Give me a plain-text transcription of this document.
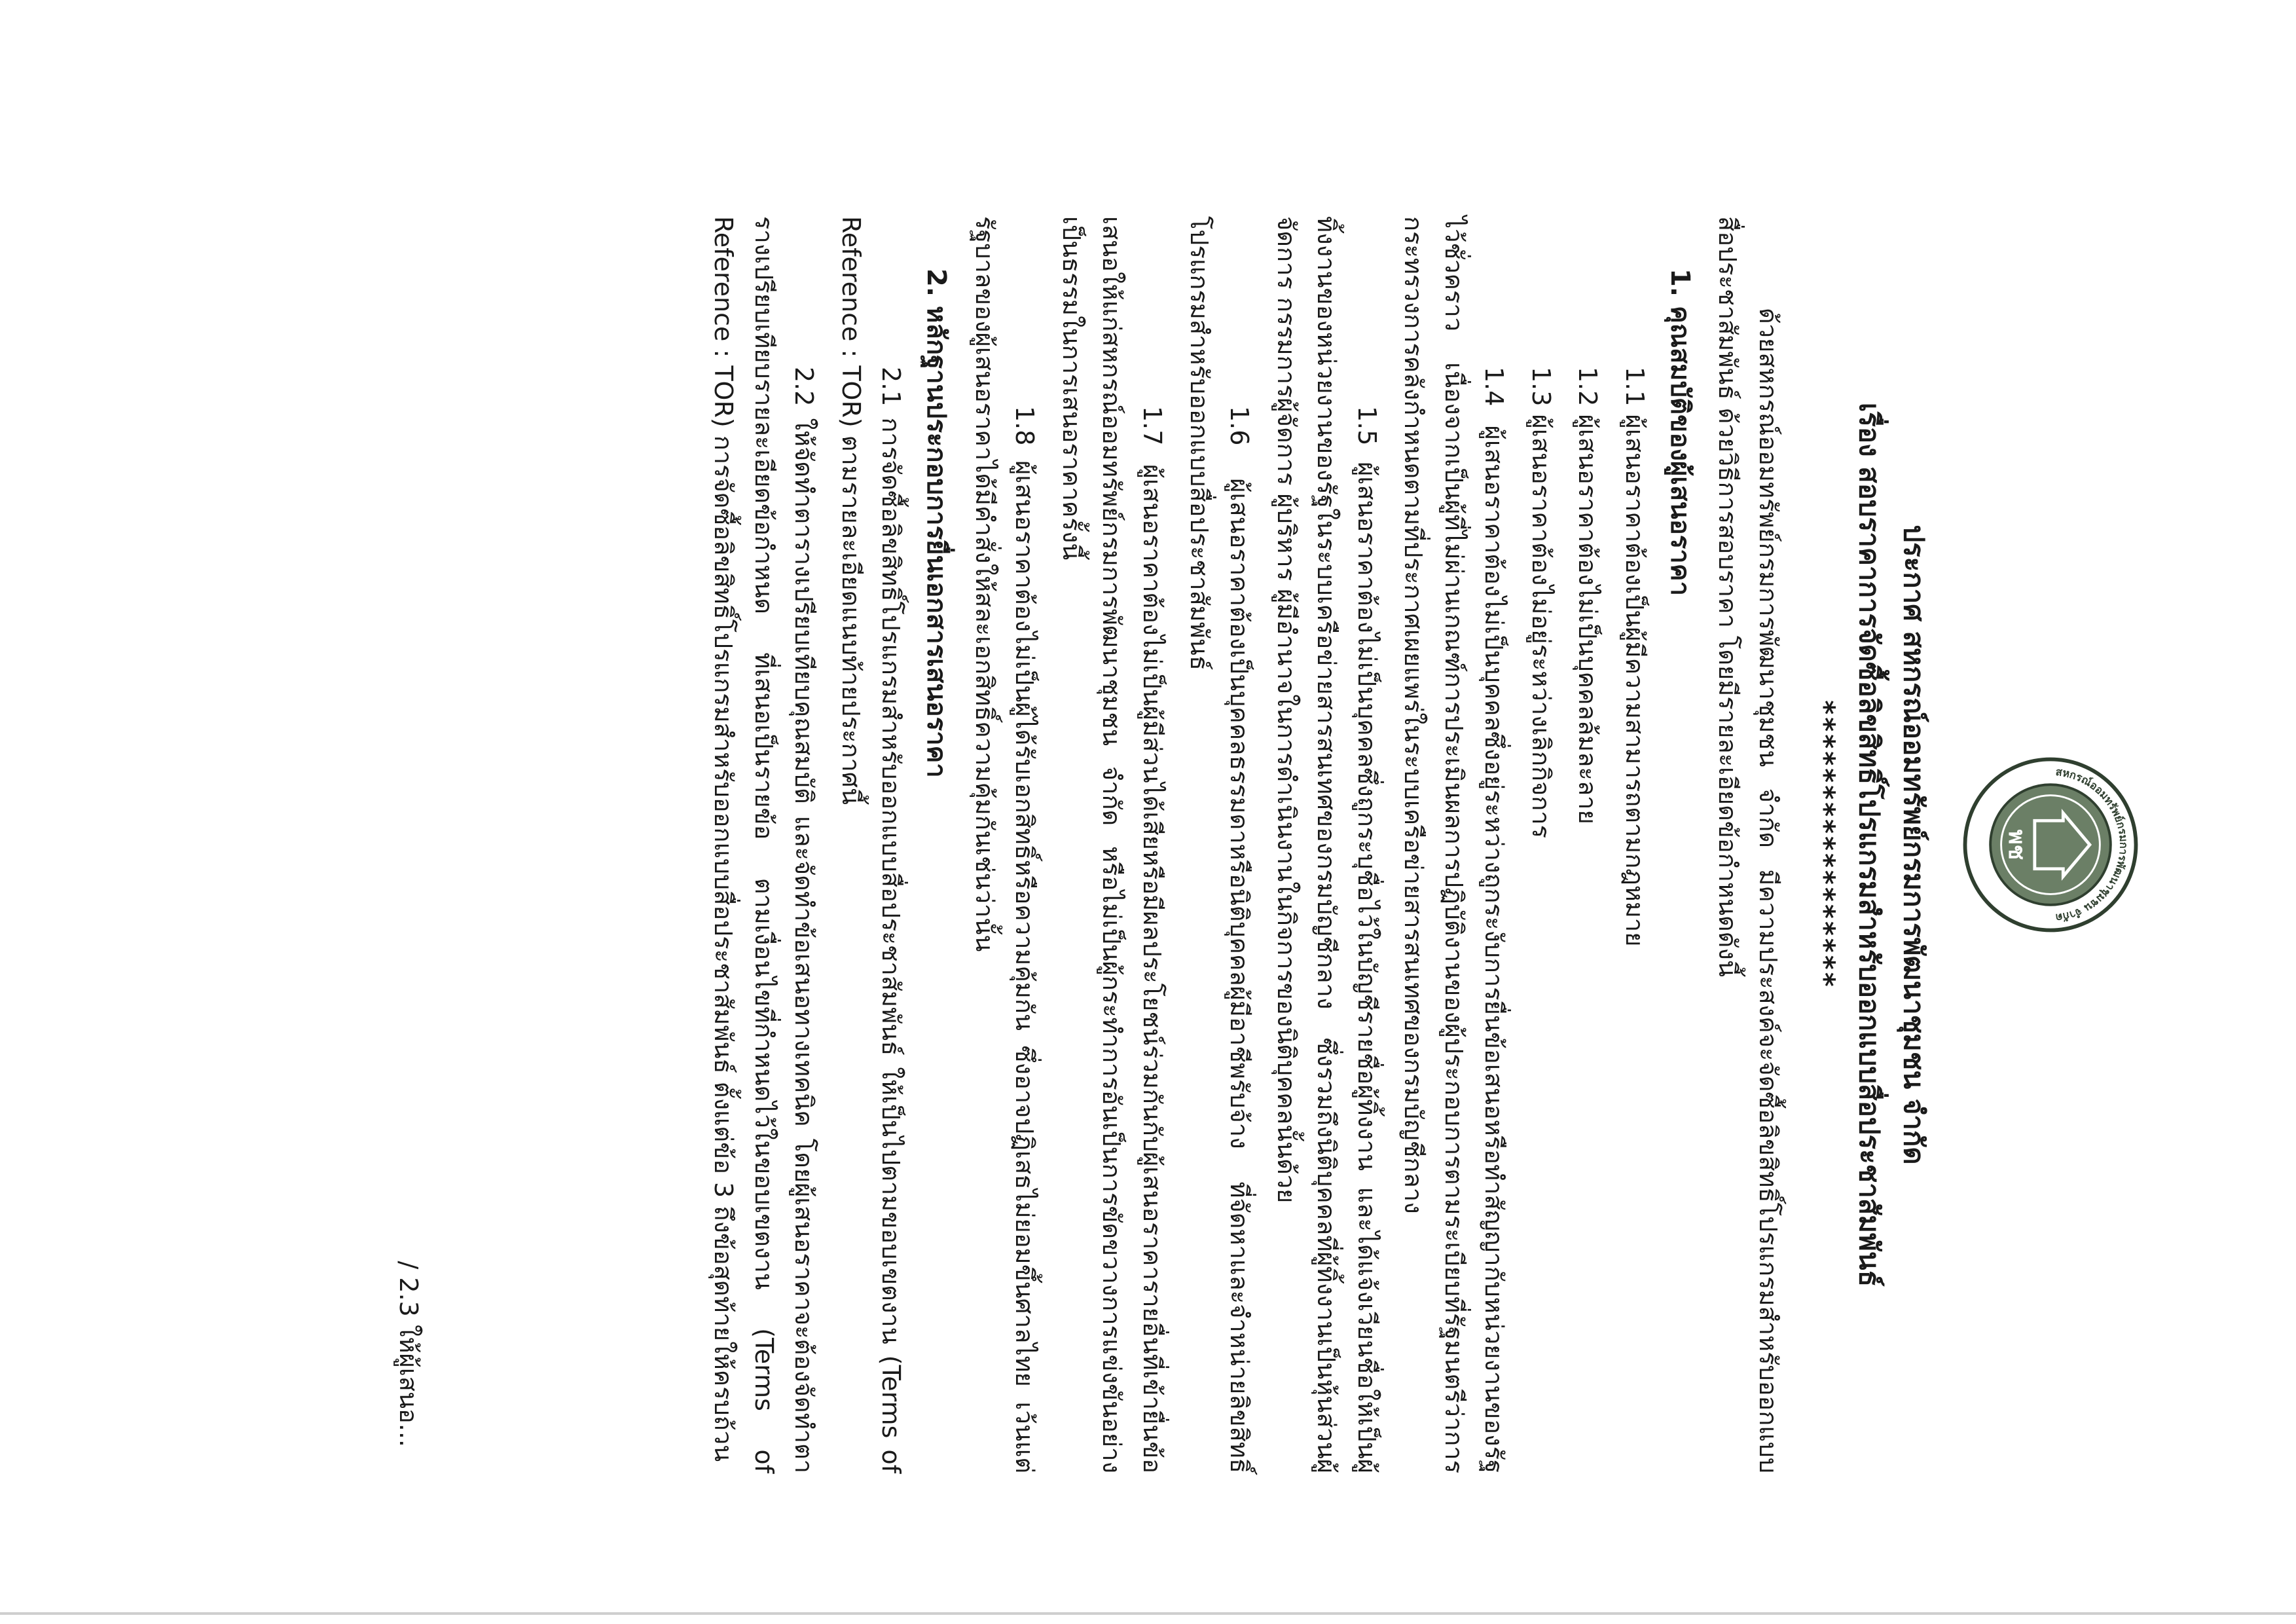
พช
สหกรณ์ออมทรัพย์กรมการพัฒนาชุมชน จำกัด

ประกาศ สหกรณ์ออมทรัพย์กรมการพัฒนาชุมชน จำกัด

เรื่อง สอบราคาการจัดซื้อลิขสิทธิ์โปรแกรมสำหรับออกแบบสื่อประชาสัมพันธ์

*****************

ด้วยสหกรณ์ออมทรัพย์กรมการพัฒนาชุมชน จำกัด มีความประสงค์จะจัดซื้อลิขสิทธิ์โปรแกรมสำหรับออกแบบสื่อประชาสัมพันธ์ ด้วยวิธีการสอบราคา โดยมีรายละเอียดข้อกำหนดดังนี้

1. คุณสมบัติของผู้เสนอราคา

1.1 ผู้เสนอราคาต้องเป็นผู้มีความสามารถตามกฎหมาย

1.2 ผู้เสนอราคาต้องไม่เป็นบุคคลล้มละลาย

1.3 ผู้เสนอราคาต้องไม่อยู่ระหว่างเลิกกิจการ

1.4 ผู้เสนอราคาต้องไม่เป็นบุคคลซึ่งอยู่ระหว่างถูกระงับการยื่นข้อเสนอหรือทำสัญญากับหน่วยงานของรัฐไว้ชั่วคราว เนื่องจากเป็นผู้ที่ไม่ผ่านเกณฑ์การประเมินผลการปฏิบัติงานของผู้ประกอบการตามระเบียบที่รัฐมนตรีว่าการกระทรวงการคลังกำหนดตามที่ประกาศเผยแพร่ในระบบเครือข่ายสารสนเทศของกรมบัญชีกลาง

1.5 ผู้เสนอราคาต้องไม่เป็นบุคคลซึ่งถูกระบุชื่อไว้ในบัญชีรายชื่อผู้ทิ้งงาน และได้แจ้งเวียนชื่อให้เป็นผู้ทิ้งงานของหน่วยงานของรัฐในระบบเครือข่ายสารสนเทศของกรมบัญชีกลาง ซึ่งรวมถึงนิติบุคคลที่ผู้ทิ้งงานเป็นหุ้นส่วนผู้จัดการ กรรมการผู้จัดการ ผู้บริหาร ผู้มีอำนาจในการดำเนินงานในกิจการของนิติบุคคลนั้นด้วย

1.6 ผู้เสนอราคาต้องเป็นบุคคลธรรมดาหรือนิติบุคคลผู้มีอาชีพรับจ้าง ที่จัดหาและจำหน่ายลิขสิทธิ์โปรแกรมสำหรับออกแบบสื่อประชาสัมพันธ์

1.7 ผู้เสนอราคาต้องไม่เป็นผู้มีส่วนได้เสียหรือมีผลประโยชน์ร่วมกันกับผู้เสนอราคารายอื่นที่เข้ายื่นข้อเสนอให้แก่สหกรณ์ออมทรัพย์กรมการพัฒนาชุมชน จำกัด หรือไม่เป็นผู้กระทำการอันเป็นการขัดขวางการแข่งขันอย่างเป็นธรรมในการเสนอราคาครั้งนี้

1.8 ผู้เสนอราคาต้องไม่เป็นผู้ได้รับเอกสิทธิ์หรือความคุ้มกัน ซึ่งอาจปฏิเสธไม่ยอมขึ้นศาลไทย เว้นแต่รัฐบาลของผู้เสนอราคาได้มีคำสั่งให้สละเอกสิทธิ์ความคุ้มกันเช่นว่านั้น

2. หลักฐานประกอบการยื่นเอกสารเสนอราคา

2.1 การจัดซื้อลิขสิทธิ์โปรแกรมสำหรับออกแบบสื่อประชาสัมพันธ์ ให้เป็นไปตามขอบเขตงาน (Terms of Reference : TOR) ตามรายละเอียดแนบท้ายประกาศนี้

2.2 ให้จัดทำตารางเปรียบเทียบคุณสมบัติ และจัดทำข้อเสนอทางเทคนิค โดยผู้เสนอราคาจะต้องจัดทำตารางเปรียบเทียบรายละเอียดข้อกำหนด ที่เสนอเป็นรายข้อ ตามเงื่อนไขที่กำหนดไว้ในขอบเขตงาน (Terms of Reference : TOR) การจัดซื้อลิขสิทธิ์โปรแกรมสำหรับออกแบบสื่อประชาสัมพันธ์ ตั้งแต่ข้อ 3 ถึงข้อสุดท้ายให้ครบถ้วน

/ 2.3 ให้ผู้เสนอ...
